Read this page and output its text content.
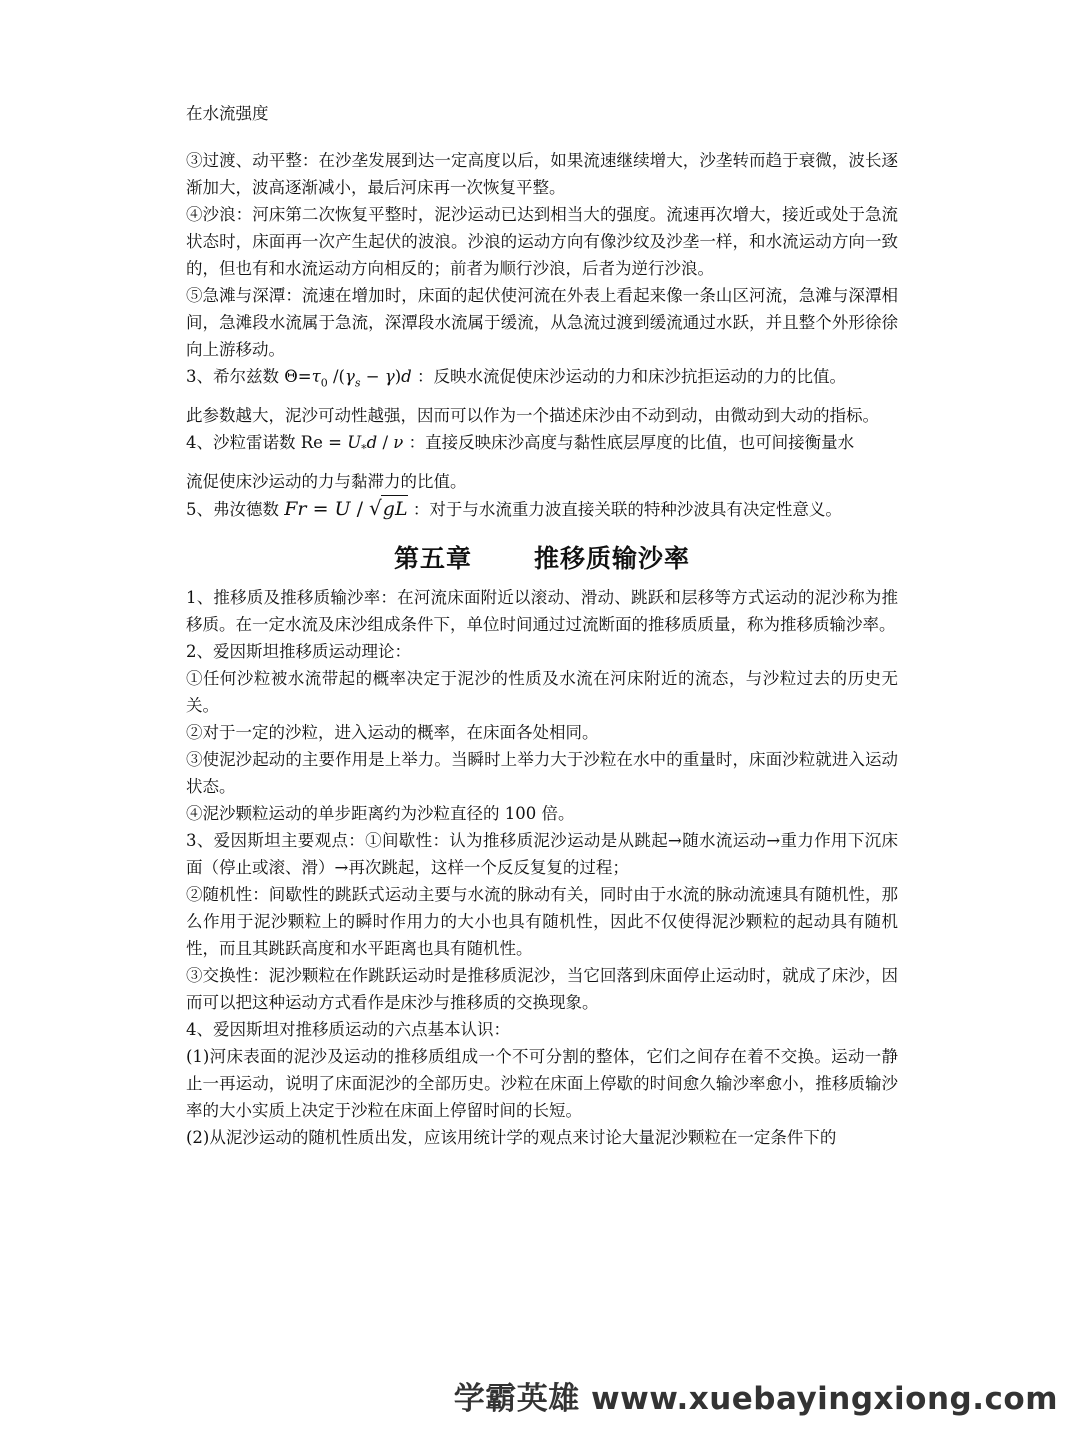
在水流强度

③过渡、动平整：在沙垄发展到达一定高度以后，如果流速继续增大，沙垄转而趋于衰微，波长逐渐加大，波高逐渐减小，最后河床再一次恢复平整。

④沙浪：河床第二次恢复平整时，泥沙运动已达到相当大的强度。流速再次增大，接近或处于急流状态时，床面再一次产生起伏的波浪。沙浪的运动方向有像沙纹及沙垄一样，和水流运动方向一致的，但也有和水流运动方向相反的；前者为顺行沙浪，后者为逆行沙浪。

⑤急滩与深潭：流速在增加时，床面的起伏使河流在外表上看起来像一条山区河流，急滩与深潭相间，急滩段水流属于急流，深潭段水流属于缓流，从急流过渡到缓流通过水跃，并且整个外形徐徐向上游移动。

3、希尔兹数 $\Theta=\tau_0$ $/(\gamma_s - \gamma)d$ ：反映水流促使床沙运动的力和床沙抗拒运动的力的比值。

此参数越大，泥沙可动性越强，因而可以作为一个描述床沙由不动到动，由微动到大动的指标。

4、沙粒雷诺数 $Re = U_*d / \nu$ ：直接反映床沙高度与黏性底层厚度的比值，也可间接衡量水

流促使床沙运动的力与黏滞力的比值。

5、弗汝德数 Fr = U / √gL ：对于与水流重力波直接关联的特种沙波具有决定性意义。

第五章 推移质输沙率

1、推移质及推移质输沙率：在河流床面附近以滚动、滑动、跳跃和层移等方式运动的泥沙称为推移质。在一定水流及床沙组成条件下，单位时间通过过流断面的推移质质量，称为推移质输沙率。

2、爱因斯坦推移质运动理论：

①任何沙粒被水流带起的概率决定于泥沙的性质及水流在河床附近的流态，与沙粒过去的历史无关。

②对于一定的沙粒，进入运动的概率，在床面各处相同。

③使泥沙起动的主要作用是上举力。当瞬时上举力大于沙粒在水中的重量时，床面沙粒就进入运动状态。

④泥沙颗粒运动的单步距离约为沙粒直径的 100 倍。

3、爱因斯坦主要观点：①间歇性：认为推移质泥沙运动是从跳起→随水流运动→重力作用下沉床面（停止或滚、滑）→再次跳起，这样一个反反复复的过程；

②随机性：间歇性的跳跃式运动主要与水流的脉动有关，同时由于水流的脉动流速具有随机性，那么作用于泥沙颗粒上的瞬时作用力的大小也具有随机性，因此不仅使得泥沙颗粒的起动具有随机性，而且其跳跃高度和水平距离也具有随机性。

③交换性：泥沙颗粒在作跳跃运动时是推移质泥沙，当它回落到床面停止运动时，就成了床沙，因而可以把这种运动方式看作是床沙与推移质的交换现象。

4、爱因斯坦对推移质运动的六点基本认识：

(1)河床表面的泥沙及运动的推移质组成一个不可分割的整体，它们之间存在着不交换。运动一静止一再运动，说明了床面泥沙的全部历史。沙粒在床面上停歇的时间愈久输沙率愈小，推移质输沙率的大小实质上决定于沙粒在床面上停留时间的长短。

(2)从泥沙运动的随机性质出发，应该用统计学的观点来讨论大量泥沙颗粒在一定条件下的

学霸英雄 www.xuebayingxiong.com
